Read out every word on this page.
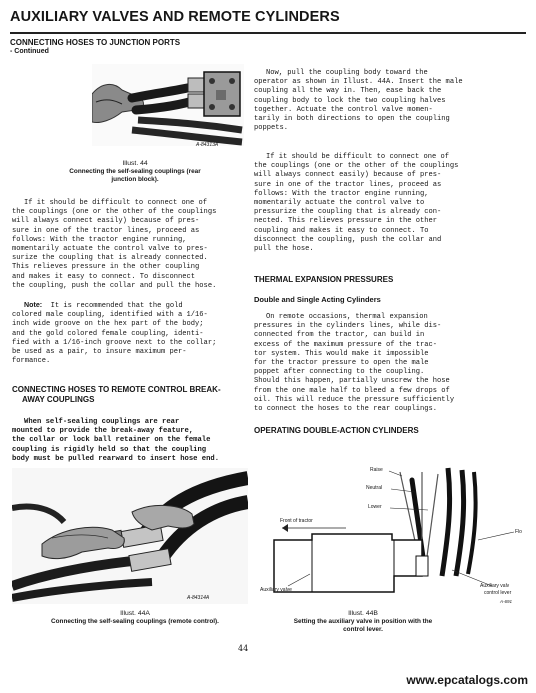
AUXILIARY VALVES AND REMOTE CYLINDERS
CONNECTING HOSES TO JUNCTION PORTS
- Continued
A-84313A
Illust. 44
Connecting the self-sealing couplings (rear junction block).
If it should be difficult to connect one of
the couplings (one or the other of the couplings
will always connect easily) because of pres-
sure in one of the tractor lines, proceed as
follows: With the tractor engine running,
momentarily actuate the control valve to pres-
surize the coupling that is already connected.
This relieves pressure in the other coupling
and makes it easy to connect. To disconnect
the coupling, push the collar and pull the hose.
Note: It is recommended that the gold
colored male coupling, identified with a 1/16-
inch wide groove on the hex part of the body;
and the gold colored female coupling, identi-
fied with a 1/16-inch groove next to the collar;
be used as a pair, to insure maximum per-
formance.
CONNECTING HOSES TO REMOTE CONTROL BREAK-
AWAY COUPLINGS
When self-sealing couplings are rear
mounted to provide the break-away feature,
the collar or lock ball retainer on the female
coupling is rigidly held so that the coupling
body must be pulled rearward to insert hose end.
A-84314A
Illust. 44A
Connecting the self-sealing couplings (remote control).
Now, pull the coupling body toward the
operator as shown in Illust. 44A. Insert the male
coupling all the way in. Then, ease back the
coupling body to lock the two coupling halves
together. Actuate the control valve momen-
tarily in both directions to open the coupling
poppets.
If it should be difficult to connect one of
the couplings (one or the other of the couplings
will always connect easily) because of pres-
sure in one of the tractor lines, proceed as
follows: With the tractor engine running,
momentarily actuate the control valve to
pressurize the coupling that is already con-
nected. This relieves pressure in the other
coupling and makes it easy to connect. To
disconnect the coupling, push the collar and
pull the hose.
THERMAL EXPANSION PRESSURES
Double and Single Acting Cylinders
On remote occasions, thermal expansion
pressures in the cylinders lines, while dis-
connected from the tractor, can build in
excess of the maximum pressure of the trac-
tor system. This would make it impossible
for the tractor pressure to open the male
poppet after connecting to the coupling.
Should this happen, partially unscrew the hose
from the one male half to bleed a few drops of
oil. This will reduce the pressure sufficiently
to connect the hoses to the rear couplings.
OPERATING DOUBLE-ACTION CYLINDERS
Raise
Neutral
Lower
Front of tractor
Flo
Auxiliary valve
Auxiliary valv
control lever
A-691
Illust. 44B
Setting the auxiliary valve in position with the control lever.
44
www.epcatalogs.com
